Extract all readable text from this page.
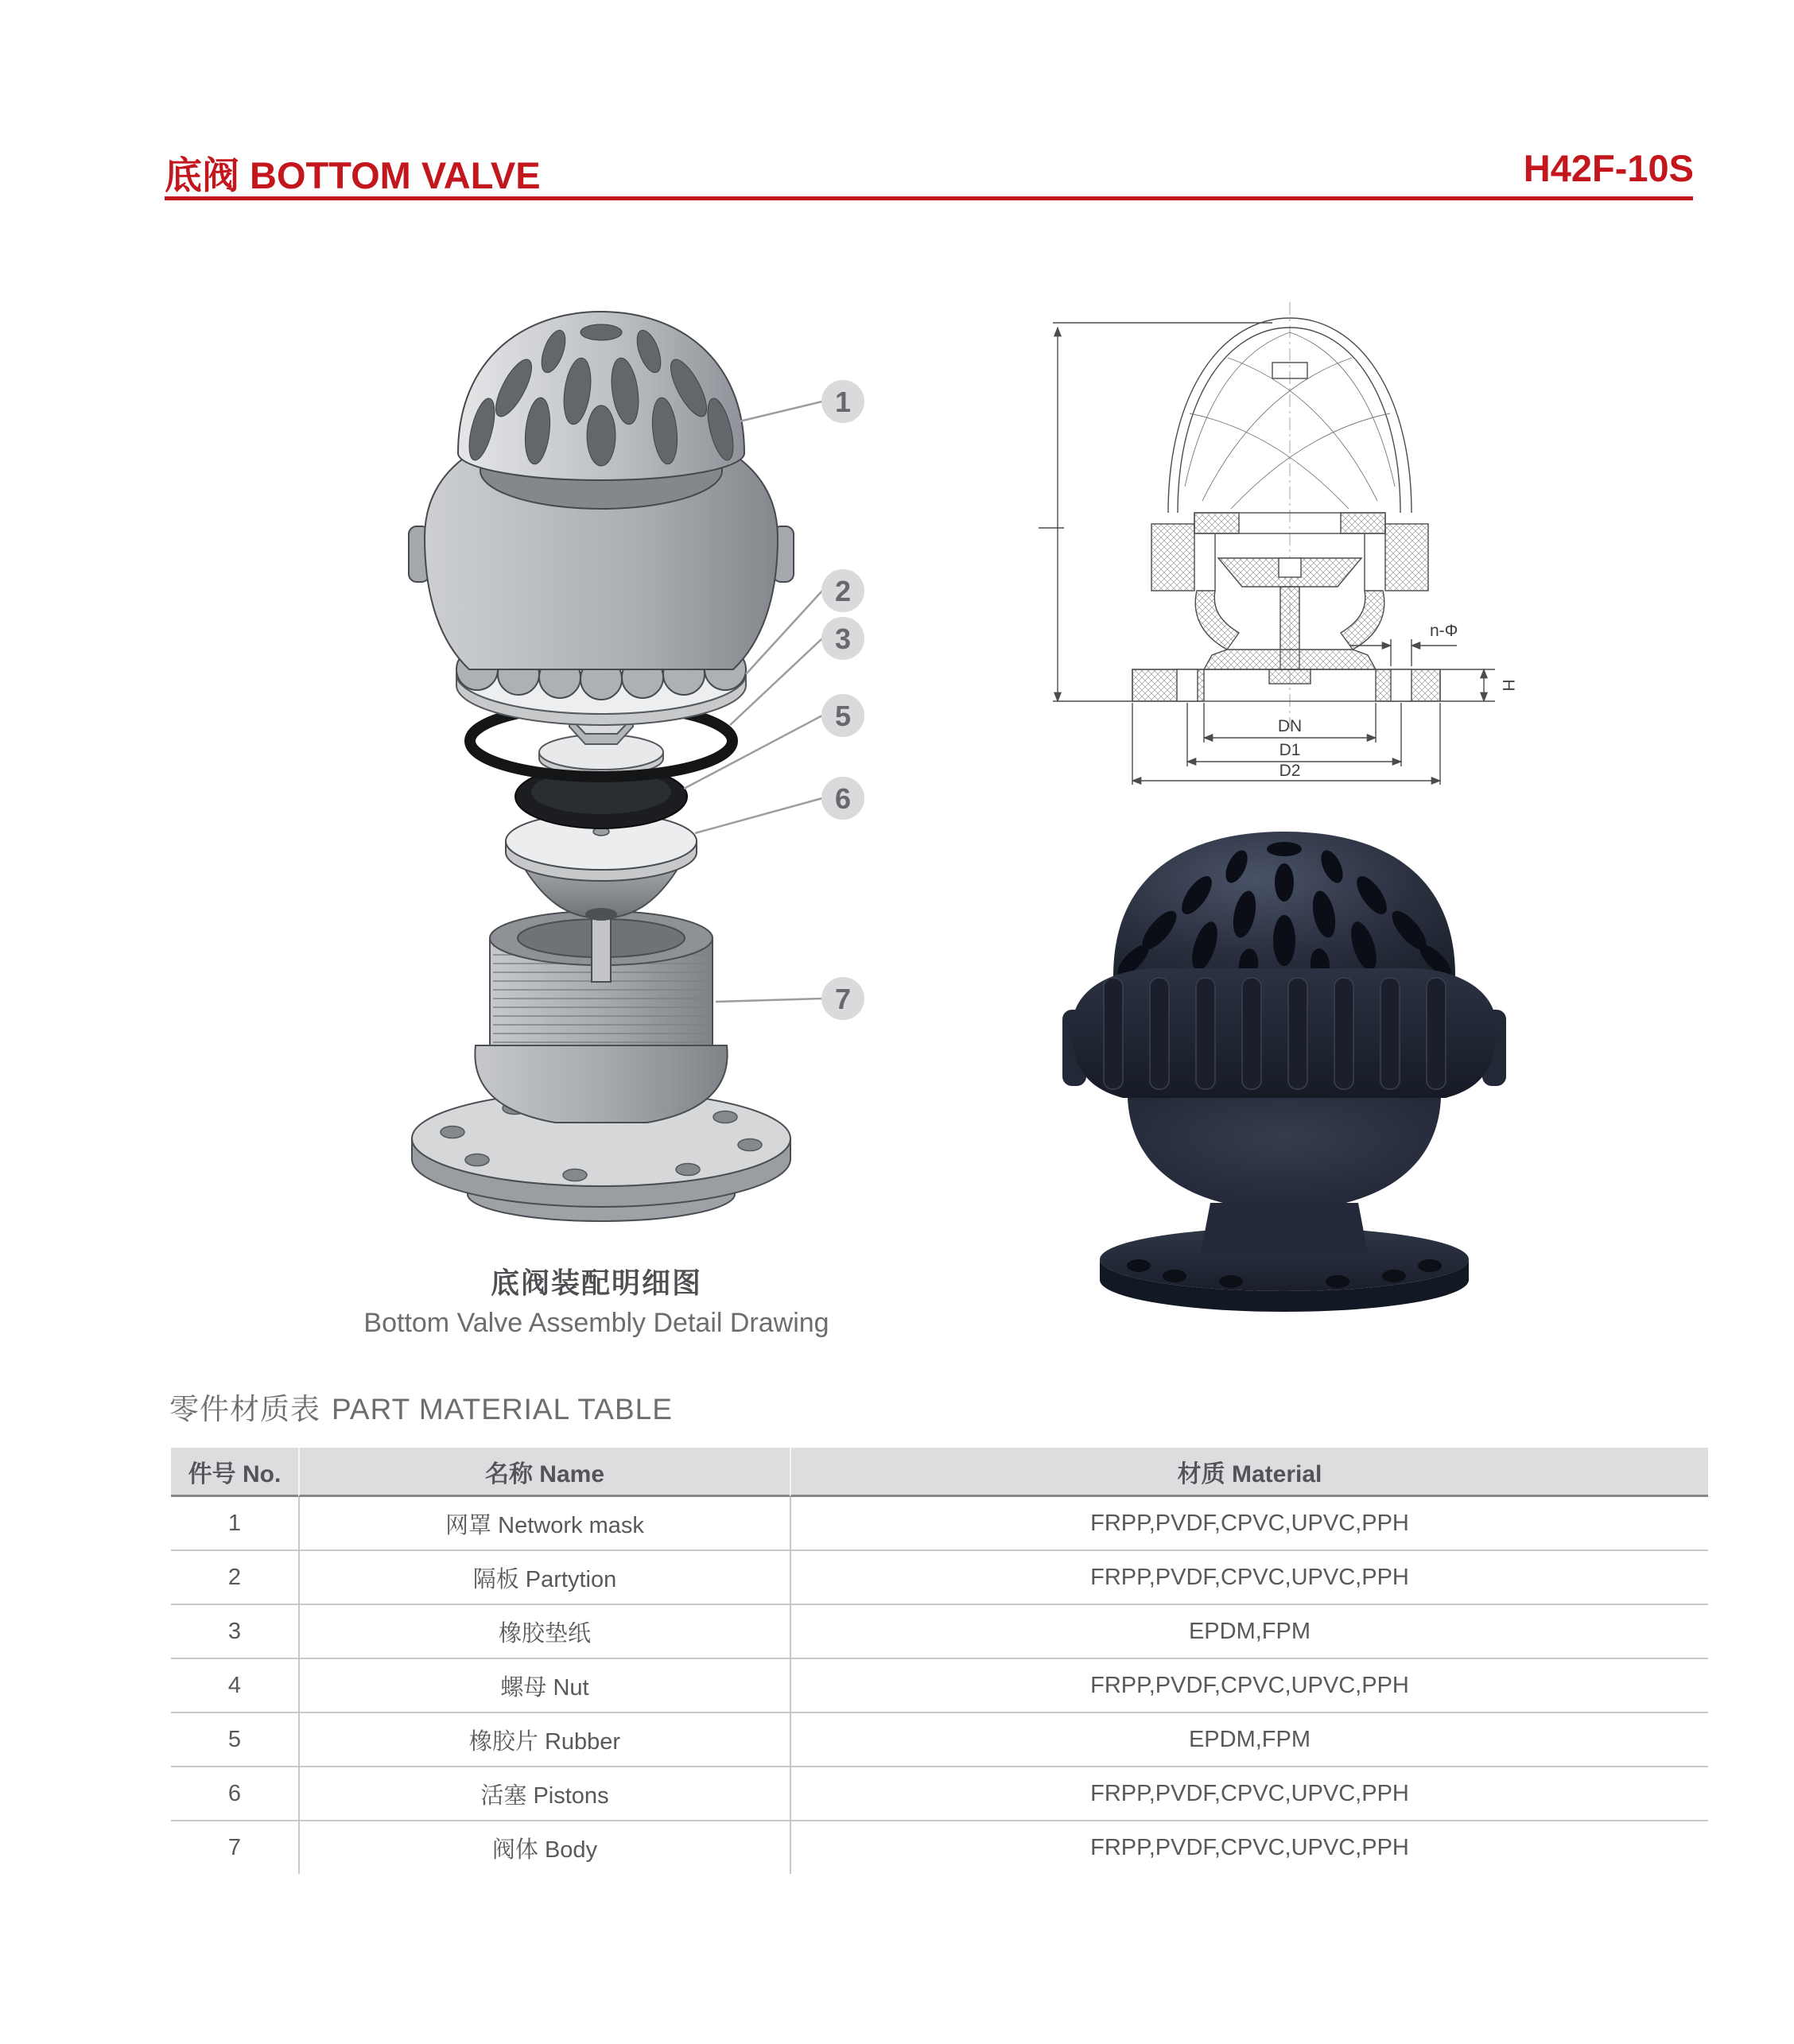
底阀 BOTTOM VALVE	H42F-10S
1
2
3
5
6
7
底阀装配明细图
Bottom Valve Assembly Detail Drawing
n-Φ
H
DN
D1
D2
零件材质表 PART MATERIAL TABLE
件号 No.	名称 Name	材质 Material
1	网罩 Network mask	FRPP,PVDF,CPVC,UPVC,PPH
2	隔板 Partytion	FRPP,PVDF,CPVC,UPVC,PPH
3	橡胶垫纸	EPDM,FPM
4	螺母 Nut	FRPP,PVDF,CPVC,UPVC,PPH
5	橡胶片 Rubber	EPDM,FPM
6	活塞 Pistons	FRPP,PVDF,CPVC,UPVC,PPH
7	阀体 Body	FRPP,PVDF,CPVC,UPVC,PPH
